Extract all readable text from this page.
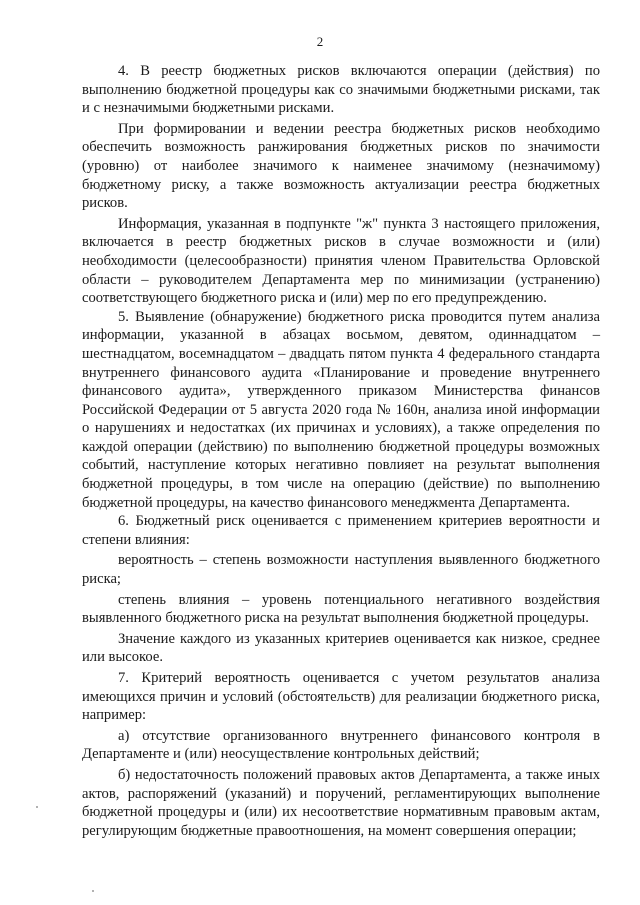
2

4. В реестр бюджетных рисков включаются операции (действия) по выполнению бюджетной процедуры как со значимыми бюджетными рисками, так и с незначимыми бюджетными рисками.

При формировании и ведении реестра бюджетных рисков необходимо обеспечить возможность ранжирования бюджетных рисков по значимости (уровню) от наиболее значимого к наименее значимому (незначимому) бюджетному риску, а также возможность актуализации реестра бюджетных рисков.

Информация, указанная в подпункте "ж" пункта 3 настоящего приложения, включается в реестр бюджетных рисков в случае возможности и (или) необходимости (целесообразности) принятия членом Правительства Орловской области – руководителем Департамента мер по минимизации (устранению) соответствующего бюджетного риска и (или) мер по его предупреждению.

5. Выявление (обнаружение) бюджетного риска проводится путем анализа информации, указанной в абзацах восьмом, девятом, одиннадцатом – шестнадцатом, восемнадцатом – двадцать пятом пункта 4 федерального стандарта внутреннего финансового аудита «Планирование и проведение внутреннего финансового аудита», утвержденного приказом Министерства финансов Российской Федерации от 5 августа 2020 года № 160н, анализа иной информации о нарушениях и недостатках (их причинах и условиях), а также определения по каждой операции (действию) по выполнению бюджетной процедуры возможных событий, наступление которых негативно повлияет на результат выполнения бюджетной процедуры, в том числе на операцию (действие) по выполнению бюджетной процедуры, на качество финансового менеджмента Департамента.

6. Бюджетный риск оценивается с применением критериев вероятности и степени влияния:

вероятность – степень возможности наступления выявленного бюджетного риска;

степень влияния – уровень потенциального негативного воздействия выявленного бюджетного риска на результат выполнения бюджетной процедуры.

Значение каждого из указанных критериев оценивается как низкое, среднее или высокое.

7. Критерий вероятность оценивается с учетом результатов анализа имеющихся причин и условий (обстоятельств) для реализации бюджетного риска, например:

а) отсутствие организованного внутреннего финансового контроля в Департаменте и (или) неосуществление контрольных действий;

б) недостаточность положений правовых актов Департамента, а также иных актов, распоряжений (указаний) и поручений, регламентирующих выполнение бюджетной процедуры и (или) их несоответствие нормативным правовым актам, регулирующим бюджетные правоотношения, на момент совершения операции;
